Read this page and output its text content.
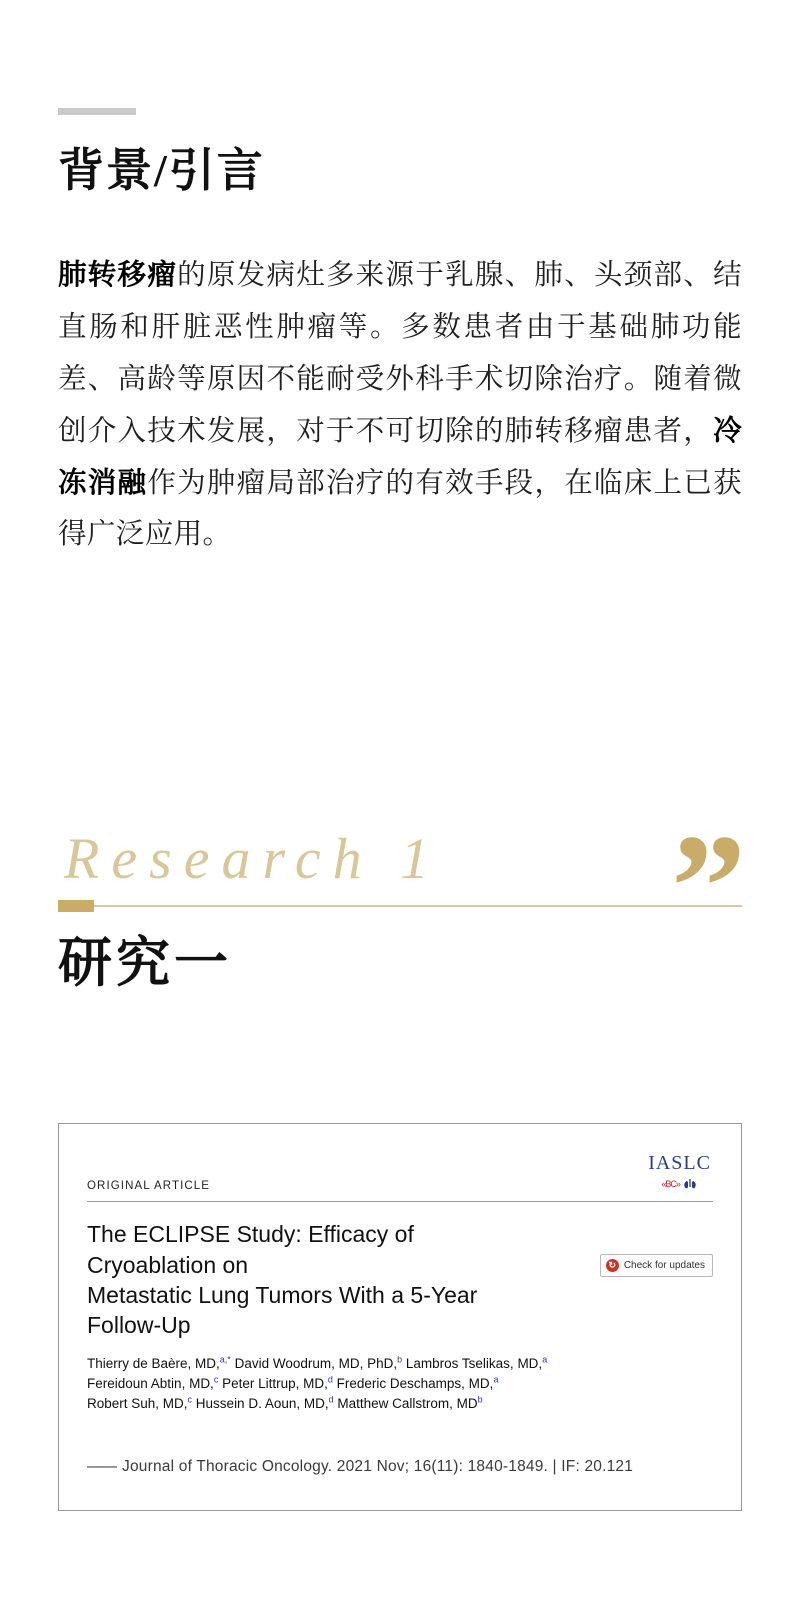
背景/引言

肺转移瘤的原发病灶多来源于乳腺、肺、头颈部、结直肠和肝脏恶性肿瘤等。多数患者由于基础肺功能差、高龄等原因不能耐受外科手术切除治疗。随着微创介入技术发展，对于不可切除的肺转移瘤患者，冷冻消融作为肿瘤局部治疗的有效手段，在临床上已获得广泛应用。

Research 1
研究一	”
IASLC
«BC»
ORIGINAL ARTICLE
↻ Check for updates
The ECLIPSE Study: Efficacy of Cryoablation on
Metastatic Lung Tumors With a 5-Year Follow-Up

Thierry de Baère, MD,$^{a,*}$ David Woodrum, MD, PhD,$^b$ Lambros Tselikas, MD,$^a$
Fereidoun Abtin, MD,$^c$ Peter Littrup, MD,$^d$ Frederic Deschamps, MD,$^a$
Robert Suh, MD,$^c$ Hussein D. Aoun, MD,$^d$ Matthew Callstrom, $MD^b$

—— Journal of Thoracic Oncology. 2021 Nov; 16(11): 1840-1849. | IF: 20.121
